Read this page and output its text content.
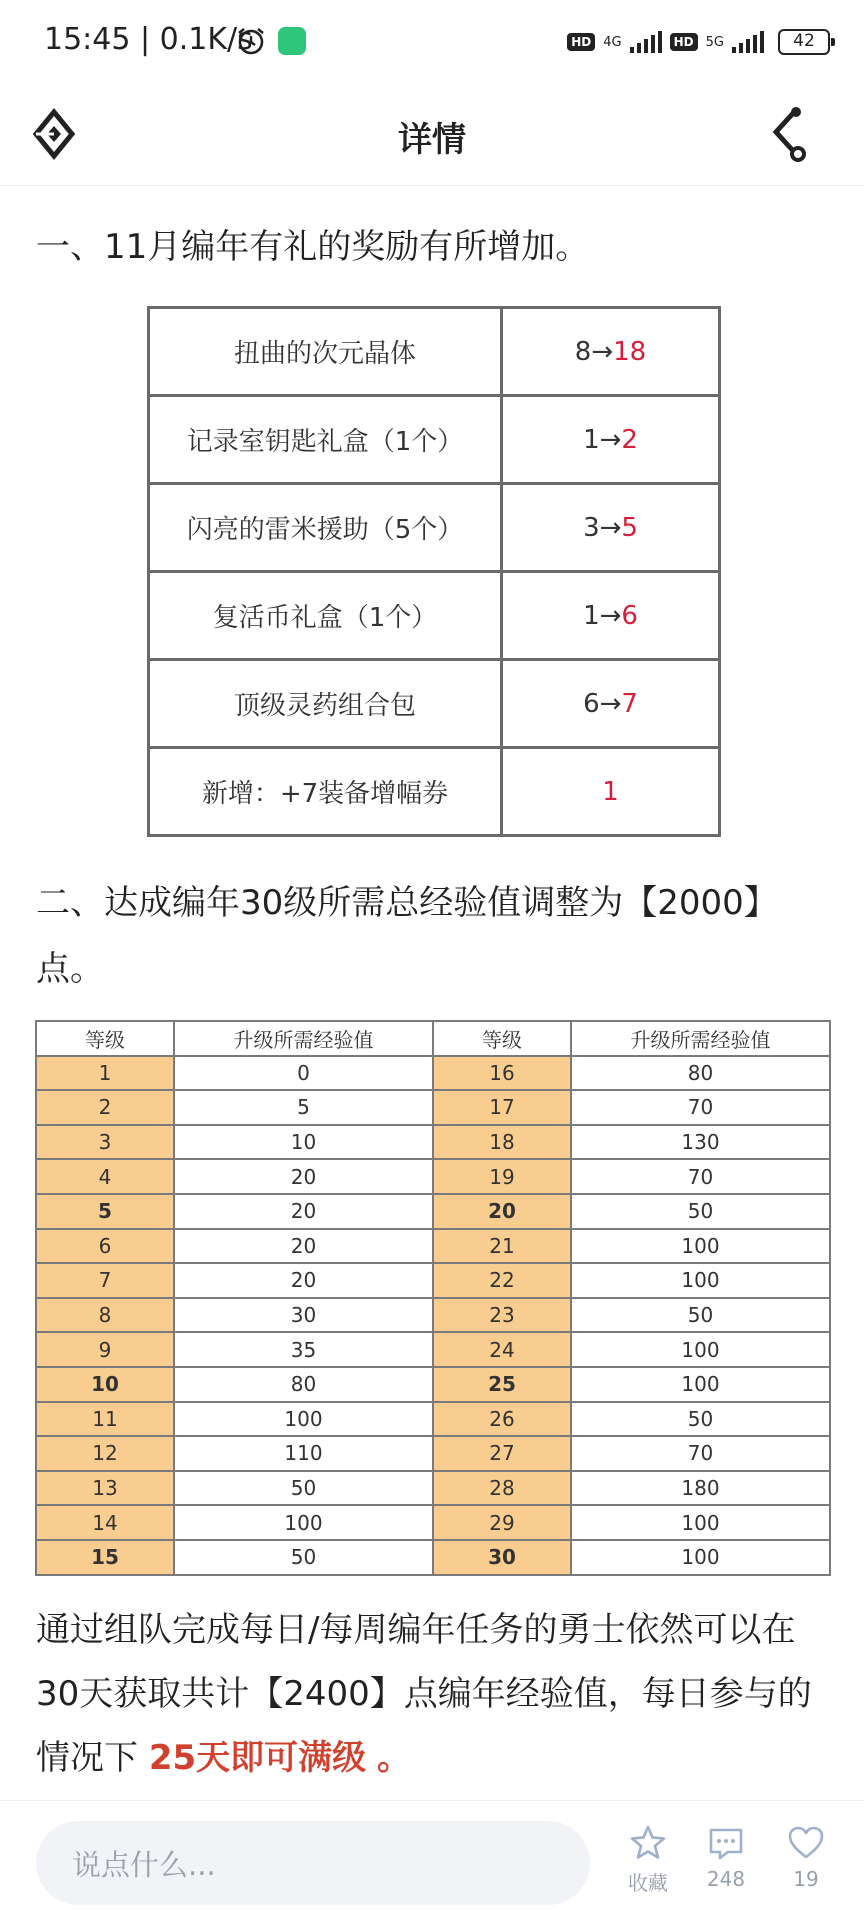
15:45 | 0.1K/s	HD 4G	HD 5G	42
详情
一、11月编年有礼的奖励有所增加。
扭曲的次元晶体	8→18
记录室钥匙礼盒（1个）	1→2
闪亮的雷米援助（5个）	3→5
复活币礼盒（1个）	1→6
顶级灵药组合包	6→7
新增：+7装备增幅券	1
二、达成编年30级所需总经验值调整为【2000】点。
等级	升级所需经验值	等级	升级所需经验值
1	0	16	80
2	5	17	70
3	10	18	130
4	20	19	70
5	20	20	50
6	20	21	100
7	20	22	100
8	30	23	50
9	35	24	100
10	80	25	100
11	100	26	50
12	110	27	70
13	50	28	180
14	100	29	100
15	50	30	100
通过组队完成每日/每周编年任务的勇士依然可以在30天获取共计【2400】点编年经验值，每日参与的情况下 25天即可满级 。
说点什么...
收藏	248	19
